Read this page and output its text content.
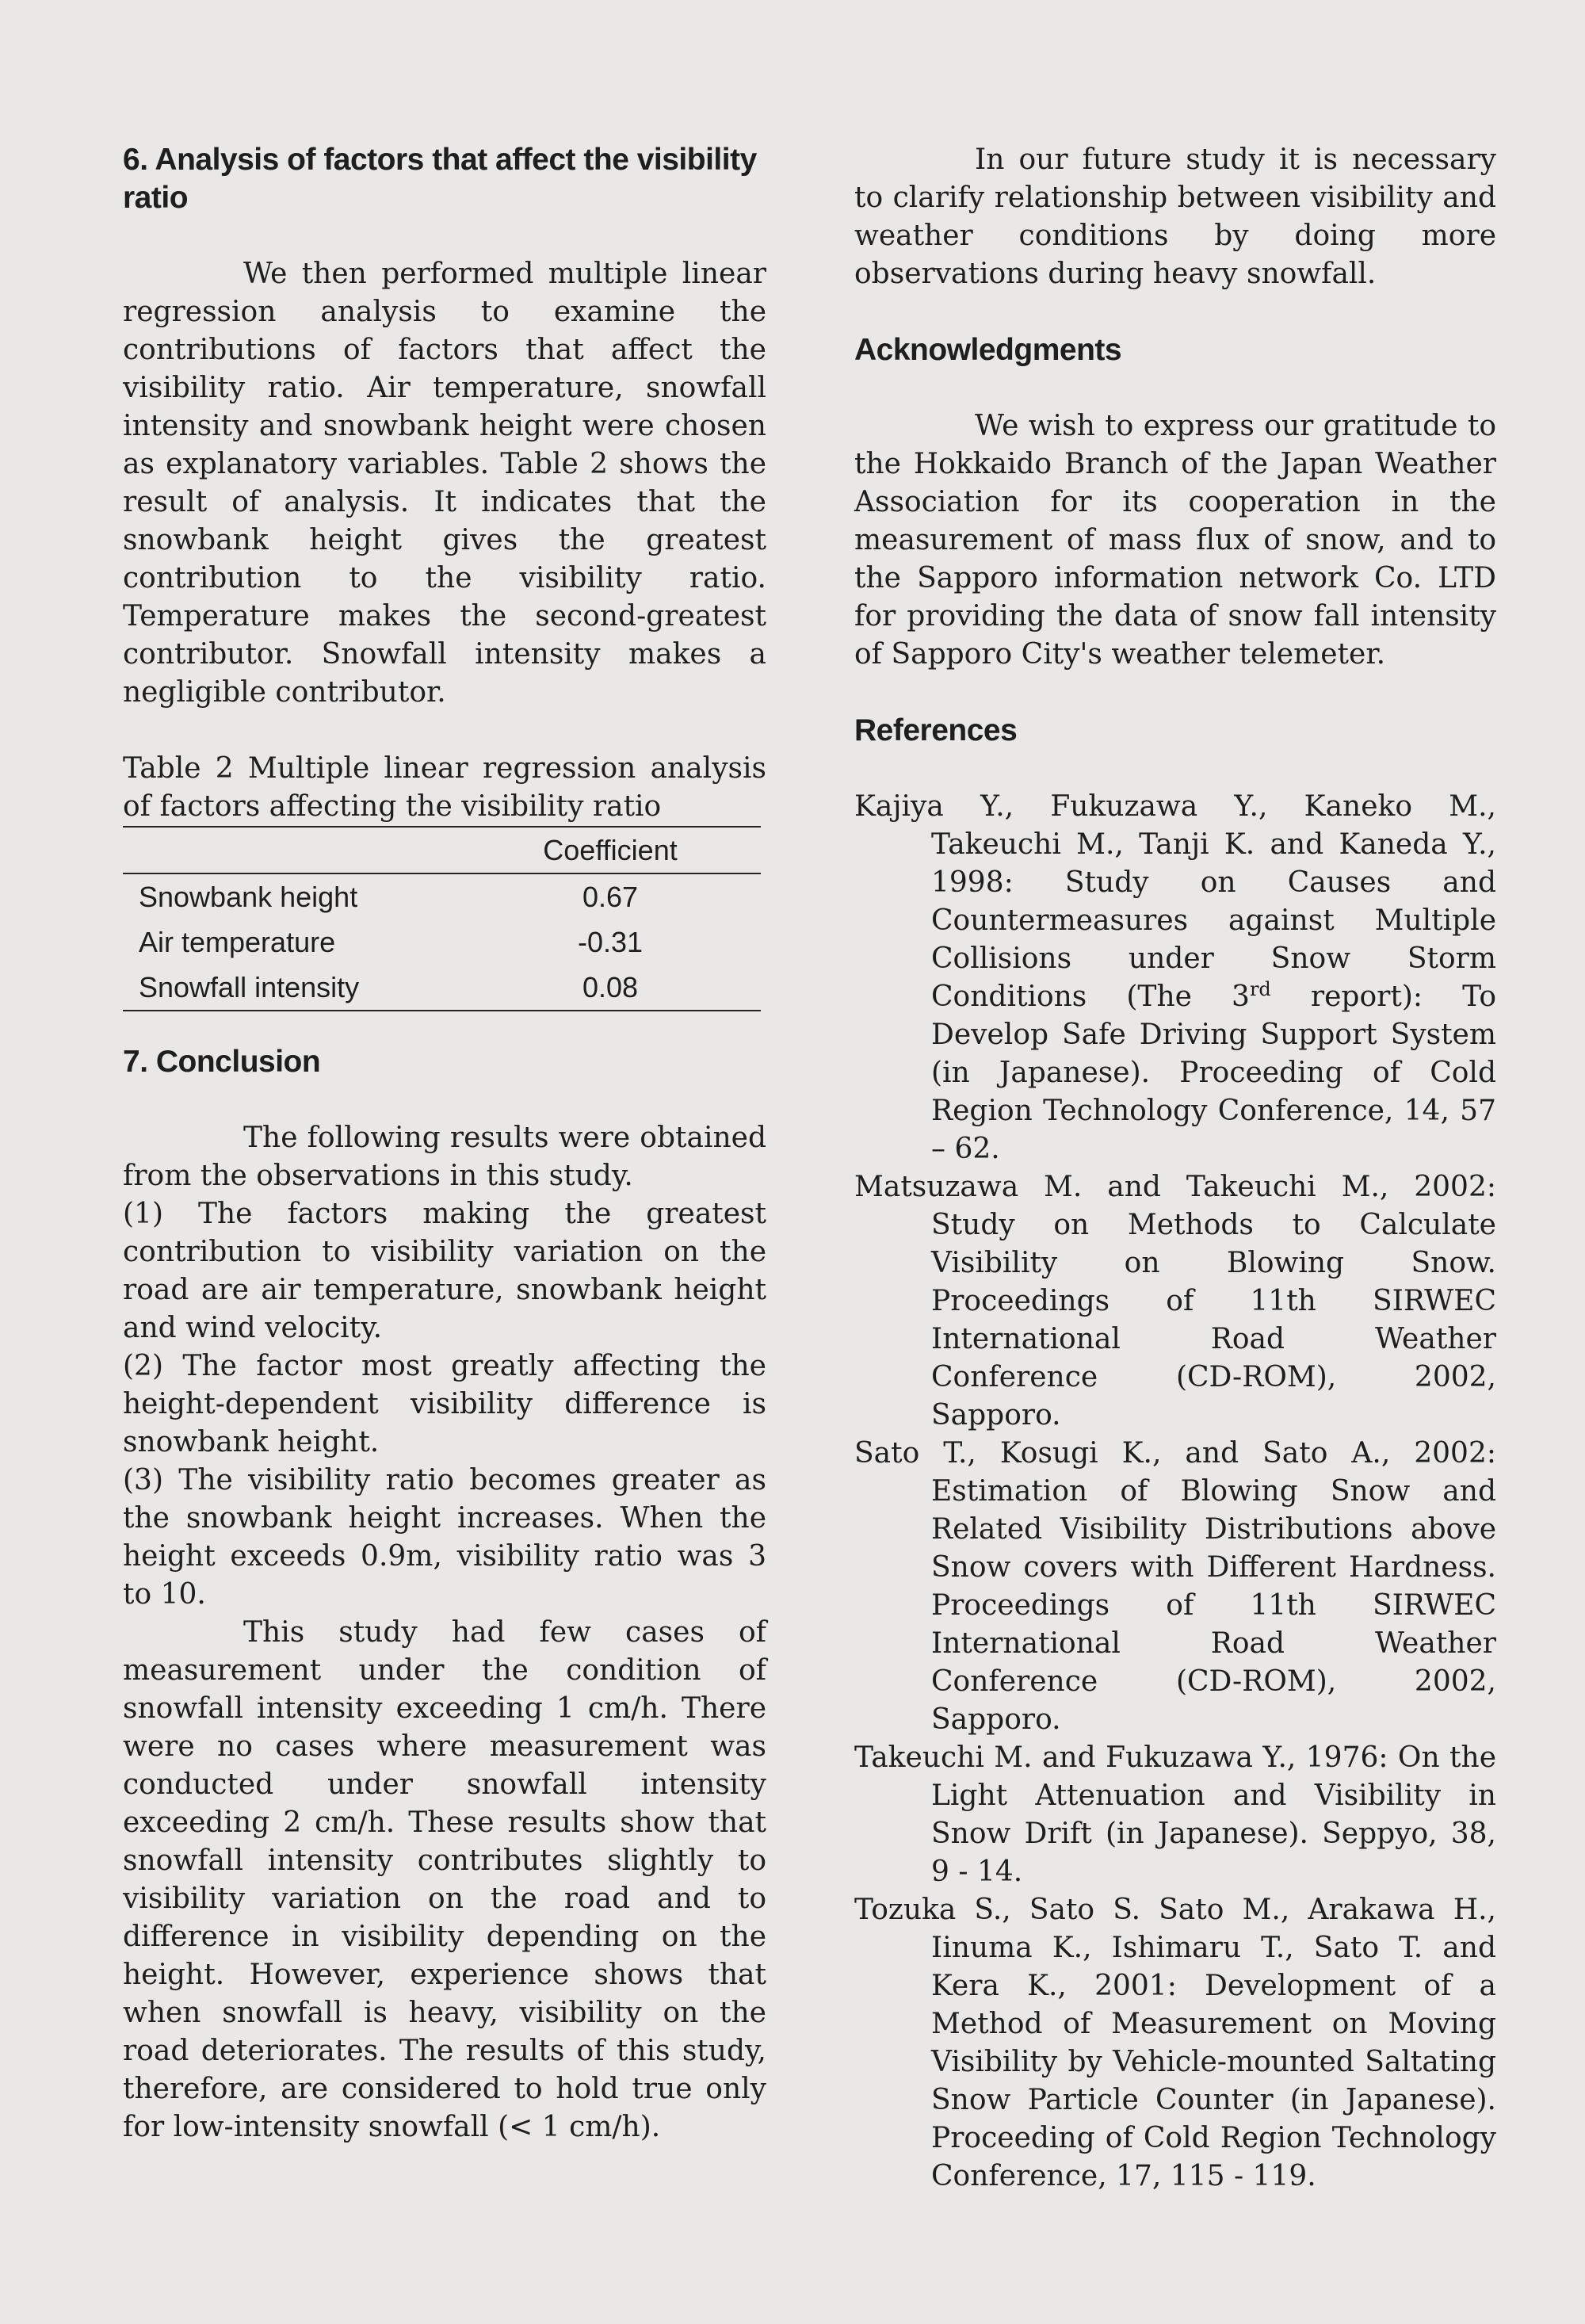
6. Analysis of factors that affect the visibility ratio

We then performed multiple linear regression analysis to examine the contributions of factors that affect the visibility ratio. Air temperature, snowfall intensity and snowbank height were chosen as explanatory variables. Table 2 shows the result of analysis. It indicates that the snowbank height gives the greatest contribution to the visibility ratio. Temperature makes the second-greatest contributor. Snowfall intensity makes a negligible contributor.

Table 2 Multiple linear regression analysis of factors affecting the visibility ratio

	Coefficient
Snowbank height	0.67
Air temperature	-0.31
Snowfall intensity	0.08
7. Conclusion

The following results were obtained from the observations in this study.

(1) The factors making the greatest contribution to visibility variation on the road are air temperature, snowbank height and wind velocity.

(2) The factor most greatly affecting the height-dependent visibility difference is snowbank height.

(3) The visibility ratio becomes greater as the snowbank height increases. When the height exceeds 0.9m, visibility ratio was 3 to 10.

This study had few cases of measurement under the condition of snowfall intensity exceeding 1 cm/h. There were no cases where measurement was conducted under snowfall intensity exceeding 2 cm/h. These results show that snowfall intensity contributes slightly to visibility variation on the road and to difference in visibility depending on the height. However, experience shows that when snowfall is heavy, visibility on the road deteriorates. The results of this study, therefore, are considered to hold true only for low-intensity snowfall (< 1 cm/h).

In our future study it is necessary to clarify relationship between visibility and weather conditions by doing more observations during heavy snowfall.

Acknowledgments

We wish to express our gratitude to the Hokkaido Branch of the Japan Weather Association for its cooperation in the measurement of mass flux of snow, and to the Sapporo information network Co. LTD for providing the data of snow fall intensity of Sapporo City's weather telemeter.

References

Kajiya Y., Fukuzawa Y., Kaneko M., Takeuchi M., Tanji K. and Kaneda Y., 1998: Study on Causes and Countermeasures against Multiple Collisions under Snow Storm Conditions (The 3rd report): To Develop Safe Driving Support System (in Japanese). Proceeding of Cold Region Technology Conference, 14, 57 – 62.

Matsuzawa M. and Takeuchi M., 2002: Study on Methods to Calculate Visibility on Blowing Snow. Proceedings of 11th SIRWEC International Road Weather Conference (CD-ROM), 2002, Sapporo.

Sato T., Kosugi K., and Sato A., 2002: Estimation of Blowing Snow and Related Visibility Distributions above Snow covers with Different Hardness. Proceedings of 11th SIRWEC International Road Weather Conference (CD-ROM), 2002, Sapporo.

Takeuchi M. and Fukuzawa Y., 1976: On the Light Attenuation and Visibility in Snow Drift (in Japanese). Seppyo, 38, 9 - 14.

Tozuka S., Sato S. Sato M., Arakawa H., Iinuma K., Ishimaru T., Sato T. and Kera K., 2001: Development of a Method of Measurement on Moving Visibility by Vehicle-mounted Saltating Snow Particle Counter (in Japanese). Proceeding of Cold Region Technology Conference, 17, 115 - 119.
